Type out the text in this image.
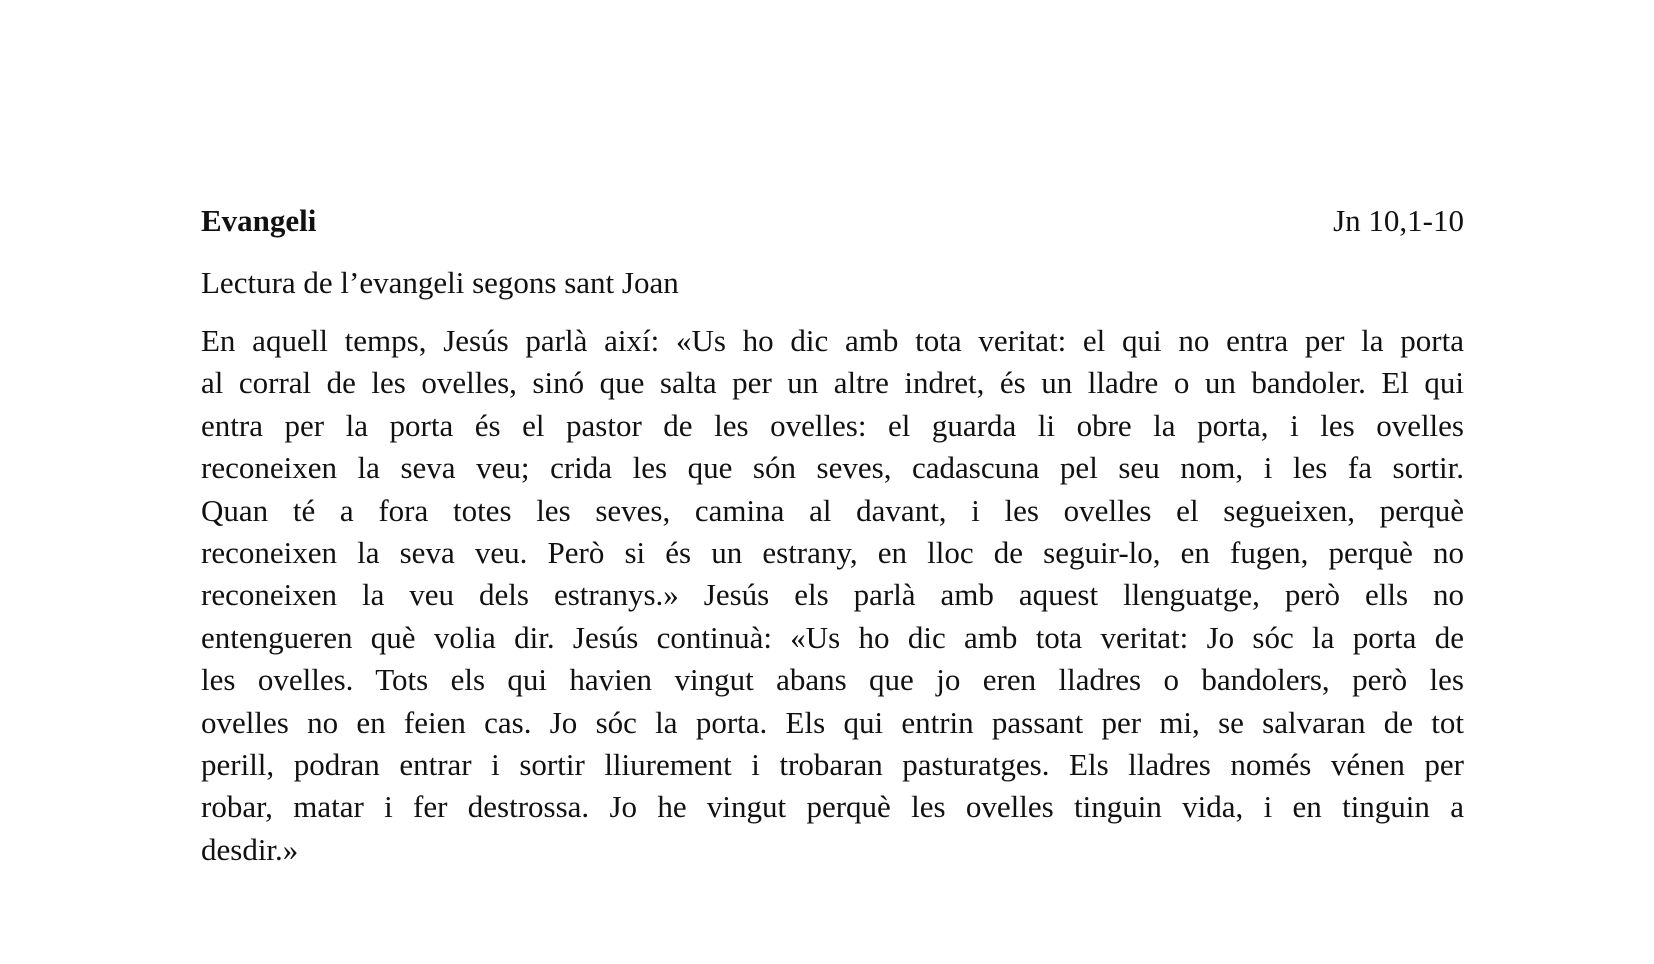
Evangeli	Jn 10,1-10
Lectura de l’evangeli segons sant Joan
En aquell temps, Jesús parlà així: «Us ho dic amb tota veritat: el qui no entra per la porta
al corral de les ovelles, sinó que salta per un altre indret, és un lladre o un bandoler. El qui
entra per la porta és el pastor de les ovelles: el guarda li obre la porta, i les ovelles
reconeixen la seva veu; crida les que són seves, cadascuna pel seu nom, i les fa sortir.
Quan té a fora totes les seves, camina al davant, i les ovelles el segueixen, perquè
reconeixen la seva veu. Però si és un estrany, en lloc de seguir-lo, en fugen, perquè no
reconeixen la veu dels estranys.» Jesús els parlà amb aquest llenguatge, però ells no
entengueren què volia dir. Jesús continuà: «Us ho dic amb tota veritat: Jo sóc la porta de
les ovelles. Tots els qui havien vingut abans que jo eren lladres o bandolers, però les
ovelles no en feien cas. Jo sóc la porta. Els qui entrin passant per mi, se salvaran de tot
perill, podran entrar i sortir lliurement i trobaran pasturatges. Els lladres només vénen per
robar, matar i fer destrossa. Jo he vingut perquè les ovelles tinguin vida, i en tinguin a
desdir.»
